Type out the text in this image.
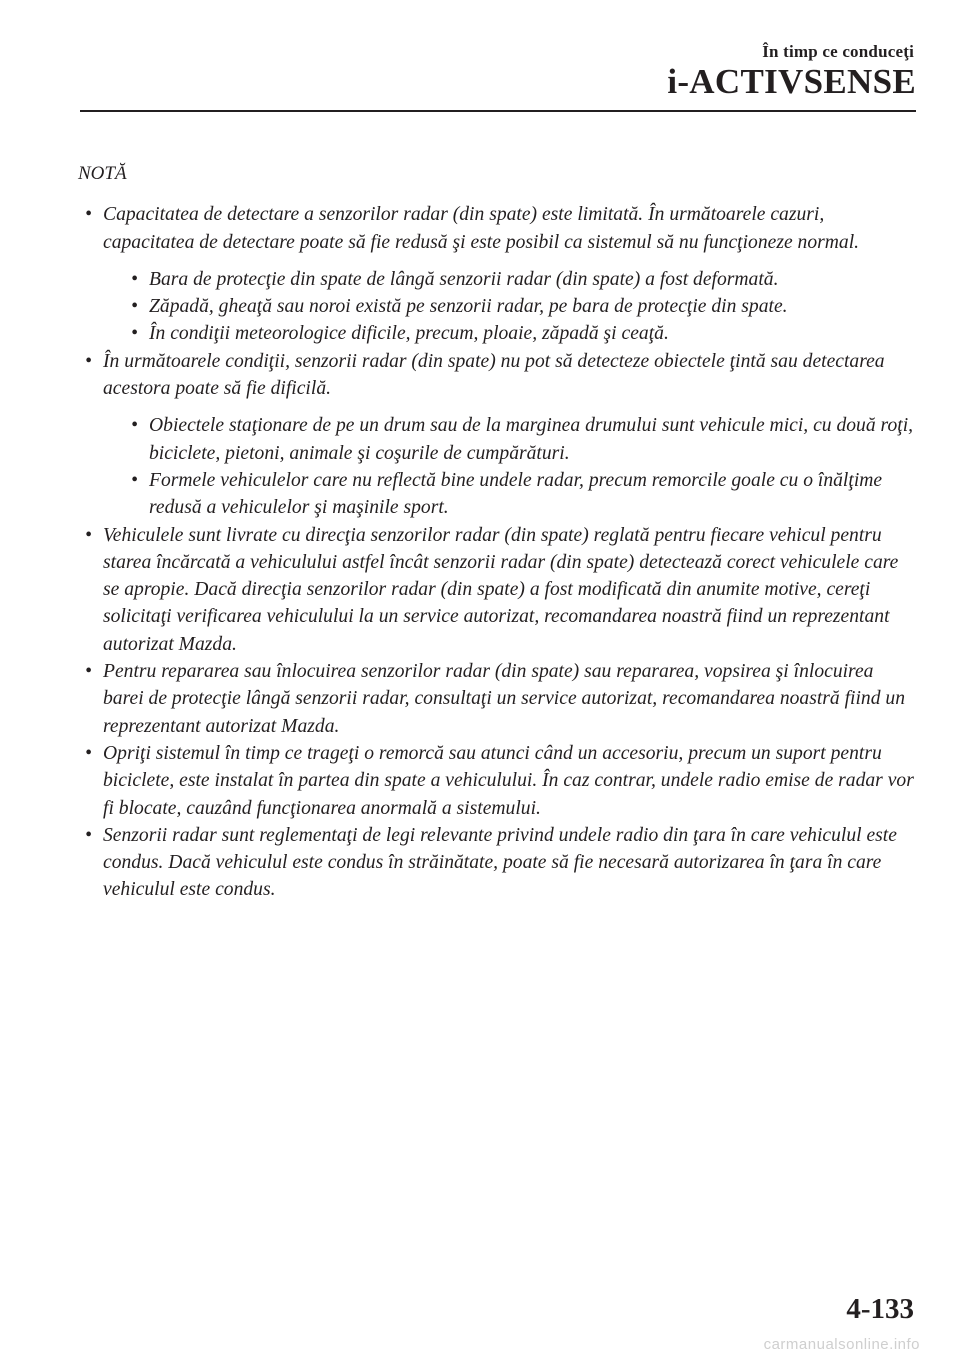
În timp ce conduceţi
i-ACTIVSENSE
NOTĂ
• Capacitatea de detectare a senzorilor radar (din spate) este limitată. În următoarele cazuri, capacitatea de detectare poate să fie redusă şi este posibil ca sistemul să nu funcţioneze normal.
• Bara de protecţie din spate de lângă senzorii radar (din spate) a fost deformată.
• Zăpadă, gheaţă sau noroi există pe senzorii radar, pe bara de protecţie din spate.
• În condiţii meteorologice dificile, precum, ploaie, zăpadă şi ceaţă.
• În următoarele condiţii, senzorii radar (din spate) nu pot să detecteze obiectele ţintă sau detectarea acestora poate să fie dificilă.
• Obiectele staţionare de pe un drum sau de la marginea drumului sunt vehicule mici, cu două roţi, biciclete, pietoni, animale şi coşurile de cumpărături.
• Formele vehiculelor care nu reflectă bine undele radar, precum remorcile goale cu o înălţime redusă a vehiculelor şi maşinile sport.
• Vehiculele sunt livrate cu direcţia senzorilor radar (din spate) reglată pentru fiecare vehicul pentru starea încărcată a vehiculului astfel încât senzorii radar (din spate) detectează corect vehiculele care se apropie. Dacă direcţia senzorilor radar (din spate) a fost modificată din anumite motive, cereţi solicitaţi verificarea vehiculului la un service autorizat, recomandarea noastră fiind un reprezentant autorizat Mazda.
• Pentru repararea sau înlocuirea senzorilor radar (din spate) sau repararea, vopsirea şi înlocuirea barei de protecţie lângă senzorii radar, consultaţi un service autorizat, recomandarea noastră fiind un reprezentant autorizat Mazda.
• Opriţi sistemul în timp ce trageţi o remorcă sau atunci când un accesoriu, precum un suport pentru biciclete, este instalat în partea din spate a vehiculului. În caz contrar, undele radio emise de radar vor fi blocate, cauzând funcţionarea anormală a sistemului.
• Senzorii radar sunt reglementaţi de legi relevante privind undele radio din ţara în care vehiculul este condus. Dacă vehiculul este condus în străinătate, poate să fie necesară autorizarea în ţara în care vehiculul este condus.
4-133
carmanualsonline.info
